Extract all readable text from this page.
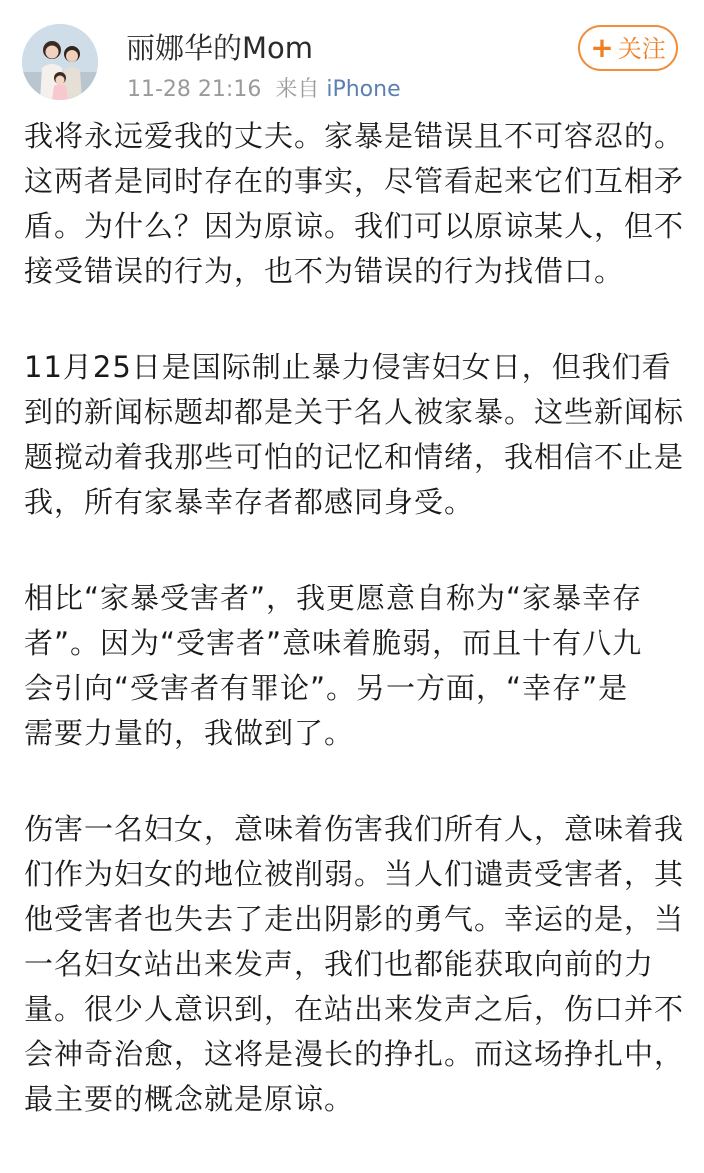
丽娜华的Mom
11-28 21:16 来自 iPhone
+ 关注

我将永远爱我的丈夫。家暴是错误且不可容忍的。
这两者是同时存在的事实，尽管看起来它们互相矛
盾。为什么？因为原谅。我们可以原谅某人，但不
接受错误的行为，也不为错误的行为找借口。

11月25日是国际制止暴力侵害妇女日，但我们看
到的新闻标题却都是关于名人被家暴。这些新闻标
题搅动着我那些可怕的记忆和情绪，我相信不止是
我，所有家暴幸存者都感同身受。

相比“家暴受害者”，我更愿意自称为“家暴幸存
者”。因为“受害者”意味着脆弱，而且十有八九
会引向“受害者有罪论”。另一方面，“幸存”是
需要力量的，我做到了。

伤害一名妇女，意味着伤害我们所有人，意味着我
们作为妇女的地位被削弱。当人们谴责受害者，其
他受害者也失去了走出阴影的勇气。幸运的是，当
一名妇女站出来发声，我们也都能获取向前的力
量。很少人意识到，在站出来发声之后，伤口并不
会神奇治愈，这将是漫长的挣扎。而这场挣扎中，
最主要的概念就是原谅。
